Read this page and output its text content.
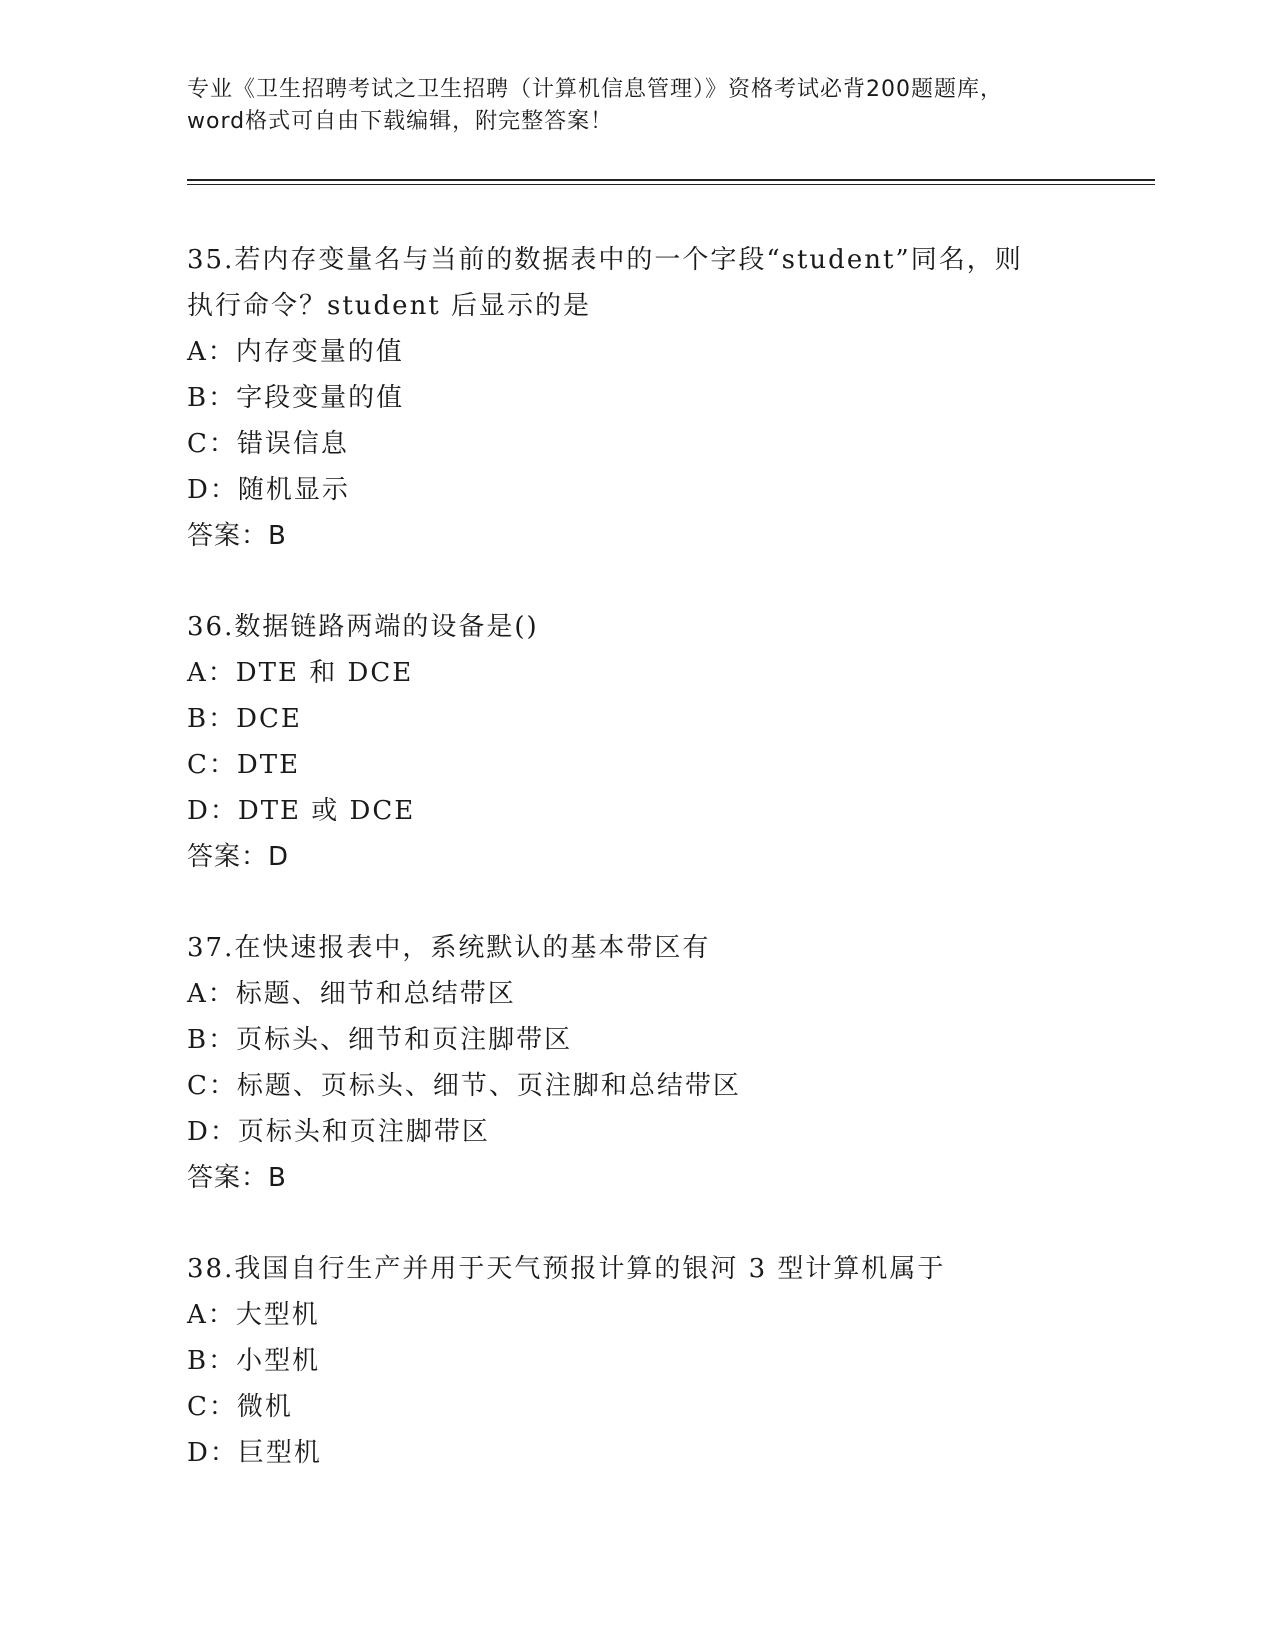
专业《卫生招聘考试之卫生招聘（计算机信息管理）》资格考试必背200题题库，
word格式可自由下载编辑，附完整答案！
35.若内存变量名与当前的数据表中的一个字段“student”同名，则
执行命令？student 后显示的是
A：内存变量的值
B：字段变量的值
C：错误信息
D：随机显示
答案：B
36.数据链路两端的设备是()
A：DTE 和 DCE
B：DCE
C：DTE
D：DTE 或 DCE
答案：D
37.在快速报表中，系统默认的基本带区有
A：标题、细节和总结带区
B：页标头、细节和页注脚带区
C：标题、页标头、细节、页注脚和总结带区
D：页标头和页注脚带区
答案：B
38.我国自行生产并用于天气预报计算的银河 3 型计算机属于
A：大型机
B：小型机
C：微机
D：巨型机
